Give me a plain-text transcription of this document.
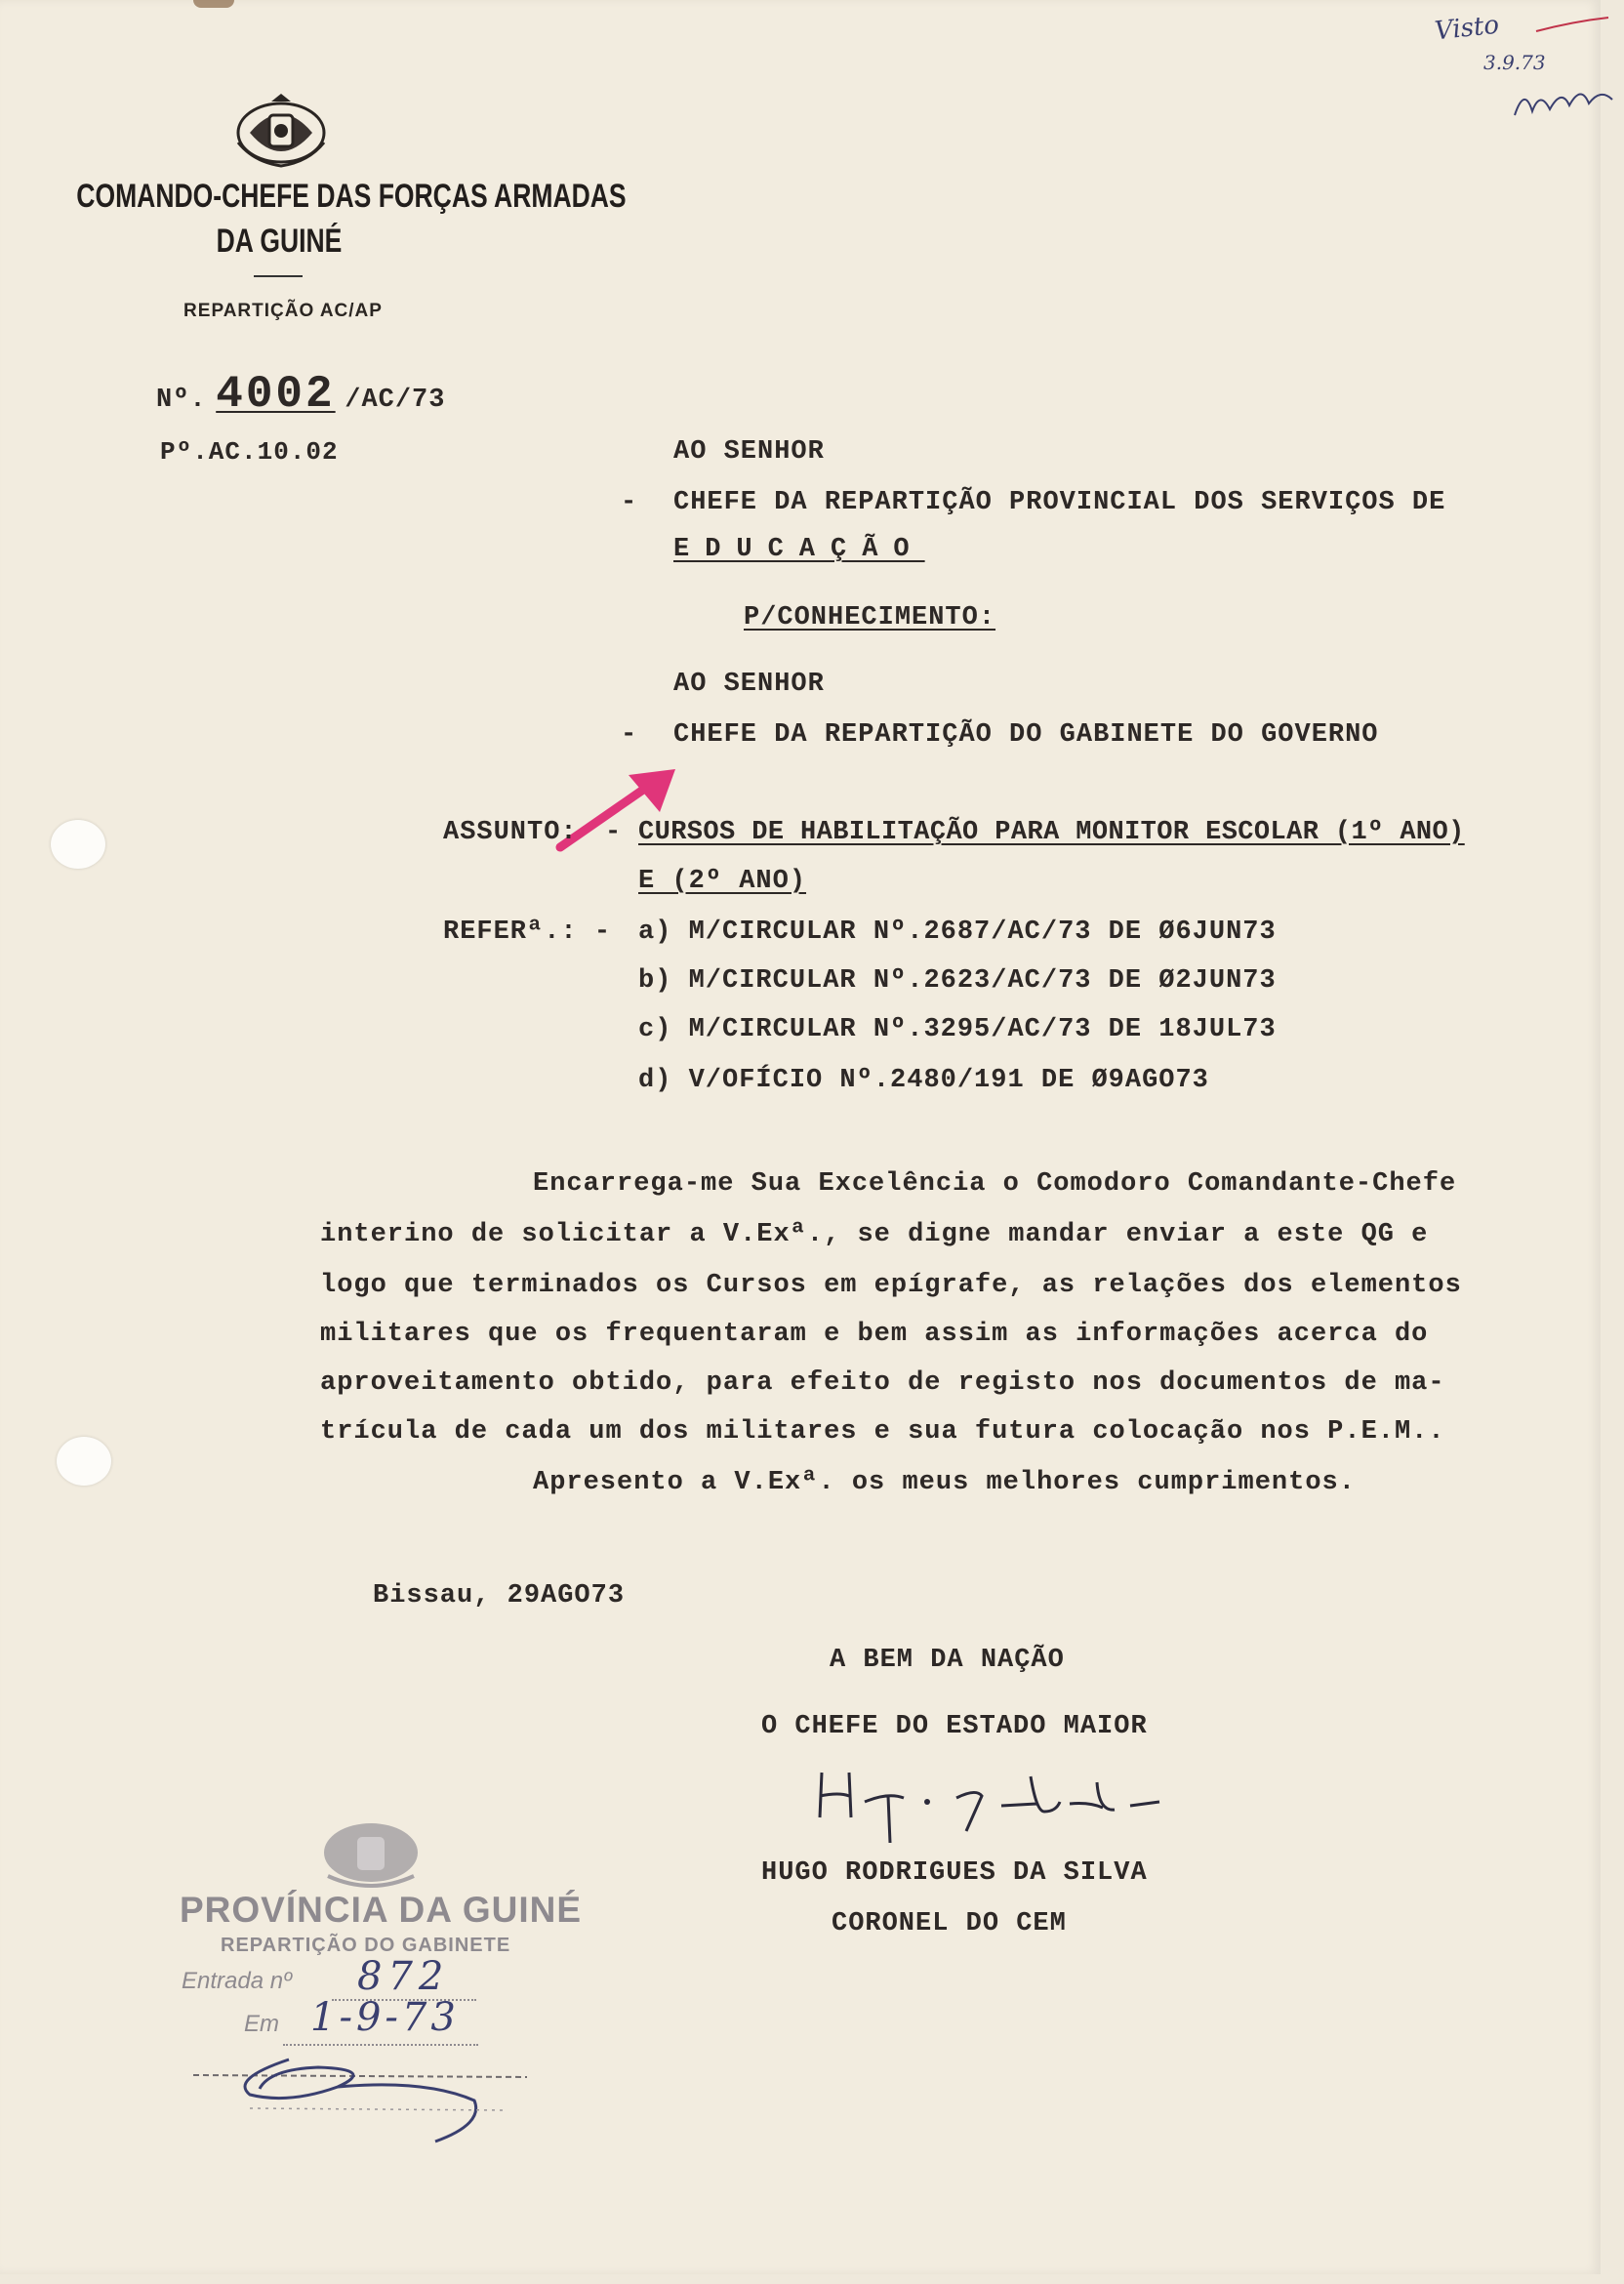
COMANDO-CHEFE DAS FORÇAS ARMADAS
DA GUINÉ
REPARTIÇÃO AC/AP
Nº. 4002 /AC/73
Pº.AC.10.02
Visto
3.9.73
AO SENHOR
- CHEFE DA REPARTIÇÃO PROVINCIAL DOS SERVIÇOS DE
EDUCAÇÃO
P/CONHECIMENTO:
AO SENHOR
- CHEFE DA REPARTIÇÃO DO GABINETE DO GOVERNO
ASSUNTO: - CURSOS DE HABILITAÇÃO PARA MONITOR ESCOLAR (1º ANO)
E (2º ANO)
REFERª.: - a) M/CIRCULAR Nº.2687/AC/73 DE Ø6JUN73
b) M/CIRCULAR Nº.2623/AC/73 DE Ø2JUN73
c) M/CIRCULAR Nº.3295/AC/73 DE 18JUL73
d) V/OFÍCIO Nº.2480/191 DE Ø9AGO73
Encarrega-me Sua Excelência o Comodoro Comandante-Chefe
interino de solicitar a V.Exª., se digne mandar enviar a este QG e
logo que terminados os Cursos em epígrafe, as relações dos elementos
militares que os frequentaram e bem assim as informações acerca do
aproveitamento obtido, para efeito de registo nos documentos de ma-
trícula de cada um dos militares e sua futura colocação nos P.E.M..
Apresento a V.Exª. os meus melhores cumprimentos.
Bissau, 29AGO73
A BEM DA NAÇÃO
O CHEFE DO ESTADO MAIOR
HUGO RODRIGUES DA SILVA
CORONEL DO CEM
PROVÍNCIA DA GUINÉ
REPARTIÇÃO DO GABINETE
Entrada nº 872
Em 1-9-73
